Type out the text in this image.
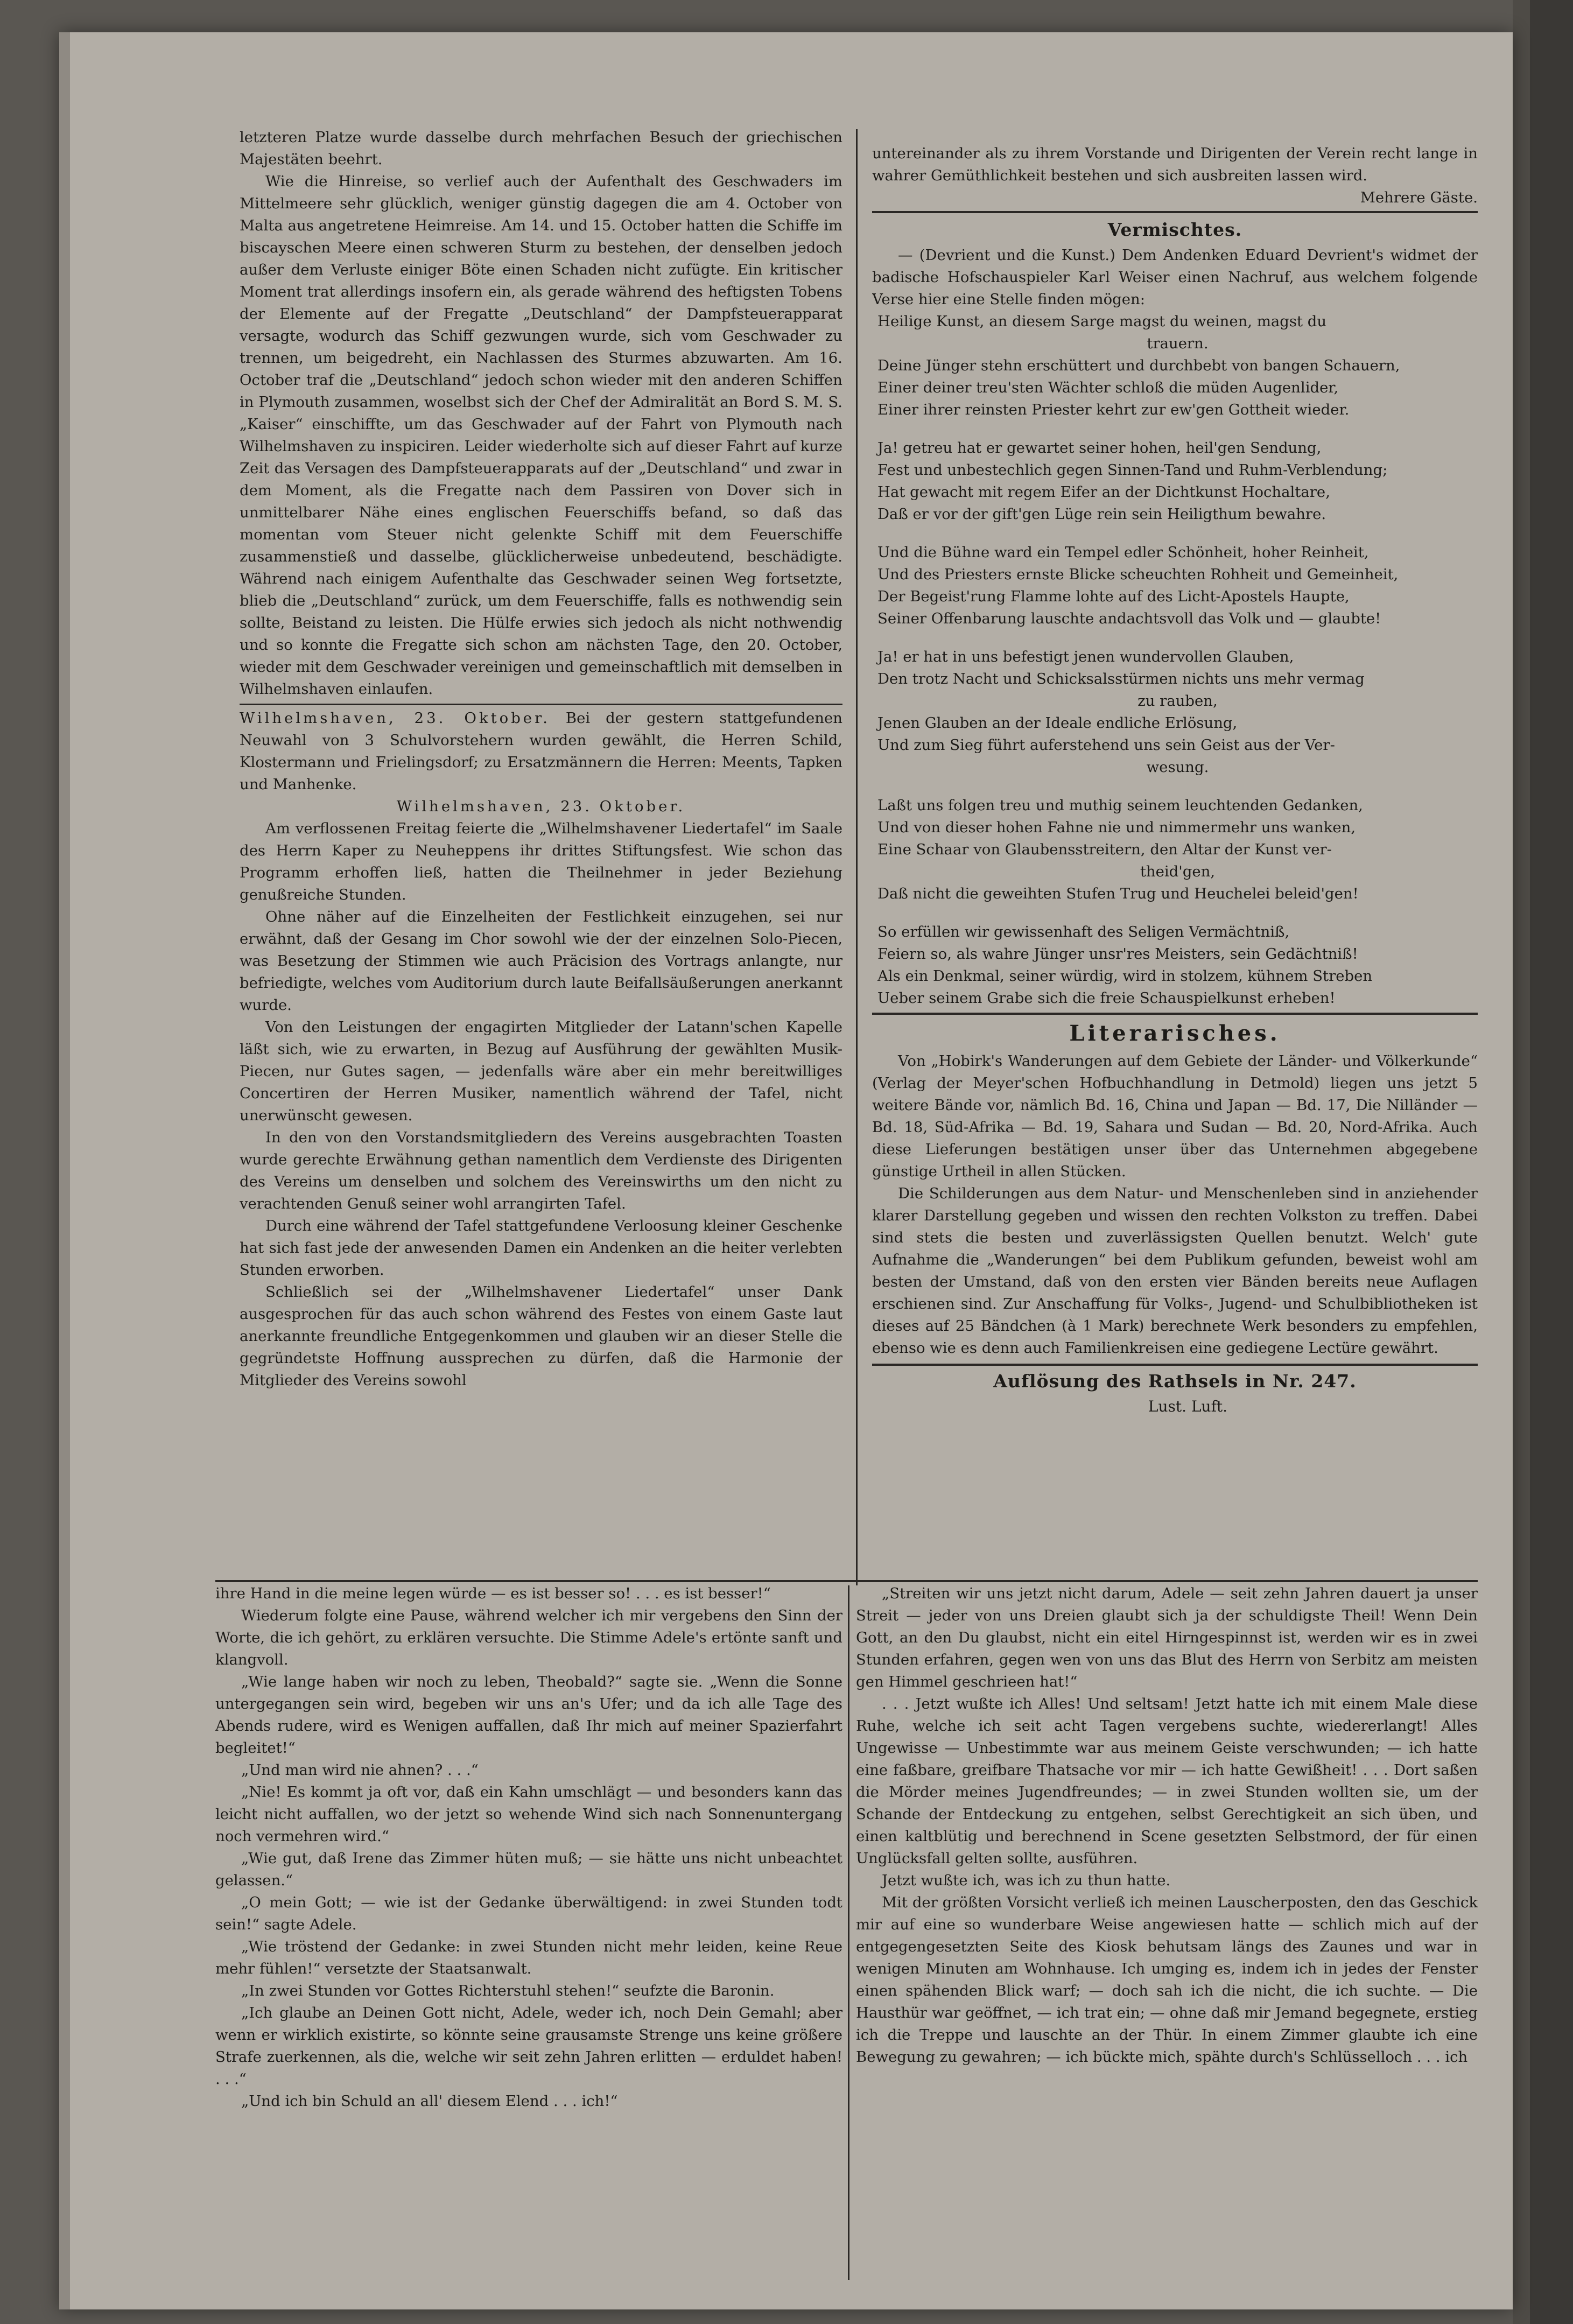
letzteren Platze wurde dasselbe durch mehrfachen Besuch der griechischen Majestäten beehrt.

Wie die Hinreise, so verlief auch der Aufenthalt des Geschwaders im Mittelmeere sehr glücklich, weniger günstig dagegen die am 4. October von Malta aus angetretene Heimreise. Am 14. und 15. October hatten die Schiffe im biscayschen Meere einen schweren Sturm zu bestehen, der denselben jedoch außer dem Verluste einiger Böte einen Schaden nicht zufügte. Ein kritischer Moment trat allerdings insofern ein, als gerade während des heftigsten Tobens der Elemente auf der Fregatte „Deutschland“ der Dampfsteuerapparat versagte, wodurch das Schiff gezwungen wurde, sich vom Geschwader zu trennen, um beigedreht, ein Nachlassen des Sturmes abzuwarten. Am 16. October traf die „Deutschland“ jedoch schon wieder mit den anderen Schiffen in Plymouth zusammen, woselbst sich der Chef der Admiralität an Bord S. M. S. „Kaiser“ einschiffte, um das Geschwader auf der Fahrt von Plymouth nach Wilhelmshaven zu inspiciren. Leider wiederholte sich auf dieser Fahrt auf kurze Zeit das Versagen des Dampfsteuerapparats auf der „Deutschland“ und zwar in dem Moment, als die Fregatte nach dem Passiren von Dover sich in unmittelbarer Nähe eines englischen Feuerschiffs befand, so daß das momentan vom Steuer nicht gelenkte Schiff mit dem Feuerschiffe zusammenstieß und dasselbe, glücklicherweise unbedeutend, beschädigte. Während nach einigem Aufenthalte das Geschwader seinen Weg fortsetzte, blieb die „Deutschland“ zurück, um dem Feuerschiffe, falls es nothwendig sein sollte, Beistand zu leisten. Die Hülfe erwies sich jedoch als nicht nothwendig und so konnte die Fregatte sich schon am nächsten Tage, den 20. October, wieder mit dem Geschwader vereinigen und gemeinschaftlich mit demselben in Wilhelmshaven einlaufen.

Wilhelmshaven, 23. Oktober. Bei der gestern stattgefundenen Neuwahl von 3 Schulvorstehern wurden gewählt, die Herren Schild, Klostermann und Frielingsdorf; zu Ersatzmännern die Herren: Meents, Tapken und Manhenke.

Wilhelmshaven, 23. Oktober.

Am verflossenen Freitag feierte die „Wilhelmshavener Liedertafel“ im Saale des Herrn Kaper zu Neuheppens ihr drittes Stiftungsfest. Wie schon das Programm erhoffen ließ, hatten die Theilnehmer in jeder Beziehung genußreiche Stunden.

Ohne näher auf die Einzelheiten der Festlichkeit einzugehen, sei nur erwähnt, daß der Gesang im Chor sowohl wie der der einzelnen Solo-Piecen, was Besetzung der Stimmen wie auch Präcision des Vortrags anlangte, nur befriedigte, welches vom Auditorium durch laute Beifallsäußerungen anerkannt wurde.

Von den Leistungen der engagirten Mitglieder der Latann'schen Kapelle läßt sich, wie zu erwarten, in Bezug auf Ausführung der gewählten Musik-Piecen, nur Gutes sagen, — jedenfalls wäre aber ein mehr bereitwilliges Concertiren der Herren Musiker, namentlich während der Tafel, nicht unerwünscht gewesen.

In den von den Vorstandsmitgliedern des Vereins ausgebrachten Toasten wurde gerechte Erwähnung gethan namentlich dem Verdienste des Dirigenten des Vereins um denselben und solchem des Vereinswirths um den nicht zu verachtenden Genuß seiner wohl arrangirten Tafel.

Durch eine während der Tafel stattgefundene Verloosung kleiner Geschenke hat sich fast jede der anwesenden Damen ein Andenken an die heiter verlebten Stunden erworben.

Schließlich sei der „Wilhelmshavener Liedertafel“ unser Dank ausgesprochen für das auch schon während des Festes von einem Gaste laut anerkannte freundliche Entgegenkommen und glauben wir an dieser Stelle die gegründetste Hoffnung aussprechen zu dürfen, daß die Harmonie der Mitglieder des Vereins sowohl

untereinander als zu ihrem Vorstande und Dirigenten der Verein recht lange in wahrer Gemüthlichkeit bestehen und sich ausbreiten lassen wird.

Mehrere Gäste.

Vermischtes.

— (Devrient und die Kunst.) Dem Andenken Eduard Devrient's widmet der badische Hofschauspieler Karl Weiser einen Nachruf, aus welchem folgende Verse hier eine Stelle finden mögen:

Heilige Kunst, an diesem Sarge magst du weinen, magst du
trauern.
Deine Jünger stehn erschüttert und durchbebt von bangen Schauern,
Einer deiner treu'sten Wächter schloß die müden Augenlider,
Einer ihrer reinsten Priester kehrt zur ew'gen Gottheit wieder.
Ja! getreu hat er gewartet seiner hohen, heil'gen Sendung,
Fest und unbestechlich gegen Sinnen-Tand und Ruhm-Verblendung;
Hat gewacht mit regem Eifer an der Dichtkunst Hochaltare,
Daß er vor der gift'gen Lüge rein sein Heiligthum bewahre.
Und die Bühne ward ein Tempel edler Schönheit, hoher Reinheit,
Und des Priesters ernste Blicke scheuchten Rohheit und Gemeinheit,
Der Begeist'rung Flamme lohte auf des Licht-Apostels Haupte,
Seiner Offenbarung lauschte andachtsvoll das Volk und — glaubte!
Ja! er hat in uns befestigt jenen wundervollen Glauben,
Den trotz Nacht und Schicksalsstürmen nichts uns mehr vermag
zu rauben,
Jenen Glauben an der Ideale endliche Erlösung,
Und zum Sieg führt auferstehend uns sein Geist aus der Ver-
wesung.
Laßt uns folgen treu und muthig seinem leuchtenden Gedanken,
Und von dieser hohen Fahne nie und nimmermehr uns wanken,
Eine Schaar von Glaubensstreitern, den Altar der Kunst ver-
theid'gen,
Daß nicht die geweihten Stufen Trug und Heuchelei beleid'gen!
So erfüllen wir gewissenhaft des Seligen Vermächtniß,
Feiern so, als wahre Jünger unsr'res Meisters, sein Gedächtniß!
Als ein Denkmal, seiner würdig, wird in stolzem, kühnem Streben
Ueber seinem Grabe sich die freie Schauspielkunst erheben!

Literarisches.

Von „Hobirk's Wanderungen auf dem Gebiete der Länder- und Völkerkunde“ (Verlag der Meyer'schen Hofbuchhandlung in Detmold) liegen uns jetzt 5 weitere Bände vor, nämlich Bd. 16, China und Japan — Bd. 17, Die Nilländer — Bd. 18, Süd-Afrika — Bd. 19, Sahara und Sudan — Bd. 20, Nord-Afrika. Auch diese Lieferungen bestätigen unser über das Unternehmen abgegebene günstige Urtheil in allen Stücken.

Die Schilderungen aus dem Natur- und Menschenleben sind in anziehender klarer Darstellung gegeben und wissen den rechten Volkston zu treffen. Dabei sind stets die besten und zuverlässigsten Quellen benutzt. Welch' gute Aufnahme die „Wanderungen“ bei dem Publikum gefunden, beweist wohl am besten der Umstand, daß von den ersten vier Bänden bereits neue Auflagen erschienen sind. Zur Anschaffung für Volks-, Jugend- und Schulbibliotheken ist dieses auf 25 Bändchen (à 1 Mark) berechnete Werk besonders zu empfehlen, ebenso wie es denn auch Familienkreisen eine gediegene Lectüre gewährt.

Auflösung des Rathsels in Nr. 247.

Lust. Luft.

ihre Hand in die meine legen würde — es ist besser so! . . . es ist besser!“

Wiederum folgte eine Pause, während welcher ich mir vergebens den Sinn der Worte, die ich gehört, zu erklären versuchte. Die Stimme Adele's ertönte sanft und klangvoll.

„Wie lange haben wir noch zu leben, Theobald?“ sagte sie. „Wenn die Sonne untergegangen sein wird, begeben wir uns an's Ufer; und da ich alle Tage des Abends rudere, wird es Wenigen auffallen, daß Ihr mich auf meiner Spazierfahrt begleitet!“

„Und man wird nie ahnen? . . .“

„Nie! Es kommt ja oft vor, daß ein Kahn umschlägt — und besonders kann das leicht nicht auffallen, wo der jetzt so wehende Wind sich nach Sonnenuntergang noch vermehren wird.“

„Wie gut, daß Irene das Zimmer hüten muß; — sie hätte uns nicht unbeachtet gelassen.“

„O mein Gott; — wie ist der Gedanke überwältigend: in zwei Stunden todt sein!“ sagte Adele.

„Wie tröstend der Gedanke: in zwei Stunden nicht mehr leiden, keine Reue mehr fühlen!“ versetzte der Staatsanwalt.

„In zwei Stunden vor Gottes Richterstuhl stehen!“ seufzte die Baronin.

„Ich glaube an Deinen Gott nicht, Adele, weder ich, noch Dein Gemahl; aber wenn er wirklich existirte, so könnte seine grausamste Strenge uns keine größere Strafe zuerkennen, als die, welche wir seit zehn Jahren erlitten — erduldet haben! . . .“

„Und ich bin Schuld an all' diesem Elend . . . ich!“

„Streiten wir uns jetzt nicht darum, Adele — seit zehn Jahren dauert ja unser Streit — jeder von uns Dreien glaubt sich ja der schuldigste Theil! Wenn Dein Gott, an den Du glaubst, nicht ein eitel Hirngespinnst ist, werden wir es in zwei Stunden erfahren, gegen wen von uns das Blut des Herrn von Serbitz am meisten gen Himmel geschrieen hat!“

. . . Jetzt wußte ich Alles! Und seltsam! Jetzt hatte ich mit einem Male diese Ruhe, welche ich seit acht Tagen vergebens suchte, wiedererlangt! Alles Ungewisse — Unbestimmte war aus meinem Geiste verschwunden; — ich hatte eine faßbare, greifbare Thatsache vor mir — ich hatte Gewißheit! . . . Dort saßen die Mörder meines Jugendfreundes; — in zwei Stunden wollten sie, um der Schande der Entdeckung zu entgehen, selbst Gerechtigkeit an sich üben, und einen kaltblütig und berechnend in Scene gesetzten Selbstmord, der für einen Unglücksfall gelten sollte, ausführen.

Jetzt wußte ich, was ich zu thun hatte.

Mit der größten Vorsicht verließ ich meinen Lauscherposten, den das Geschick mir auf eine so wunderbare Weise angewiesen hatte — schlich mich auf der entgegengesetzten Seite des Kiosk behutsam längs des Zaunes und war in wenigen Minuten am Wohnhause. Ich umging es, indem ich in jedes der Fenster einen spähenden Blick warf; — doch sah ich die nicht, die ich suchte. — Die Hausthür war geöffnet, — ich trat ein; — ohne daß mir Jemand begegnete, erstieg ich die Treppe und lauschte an der Thür. In einem Zimmer glaubte ich eine Bewegung zu gewahren; — ich bückte mich, spähte durch's Schlüsselloch . . . ich
